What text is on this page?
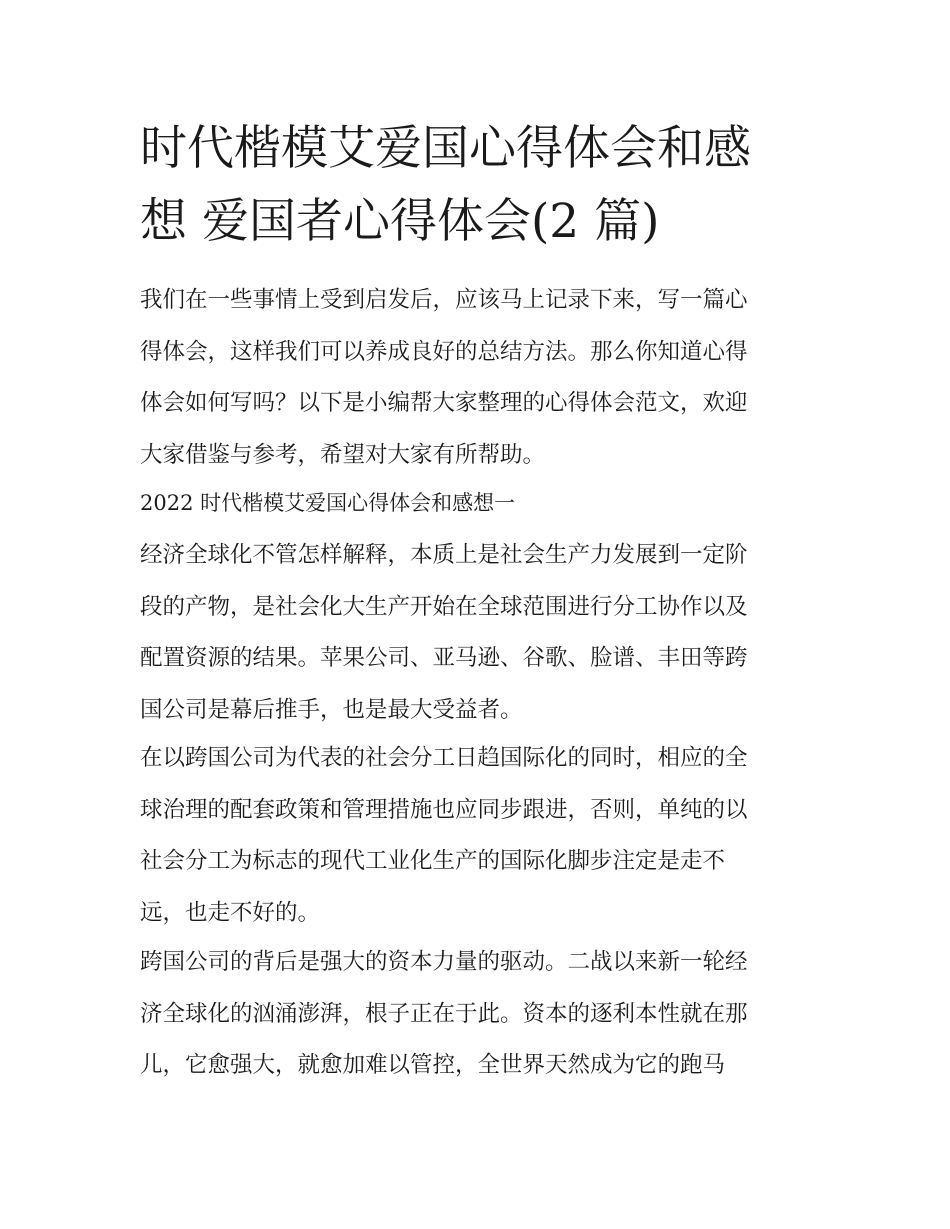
时代楷模艾爱国心得体会和感
想 爱国者心得体会(2 篇)
我们在一些事情上受到启发后，应该马上记录下来，写一篇心
得体会，这样我们可以养成良好的总结方法。那么你知道心得
体会如何写吗？以下是小编帮大家整理的心得体会范文，欢迎
大家借鉴与参考，希望对大家有所帮助。
2022 时代楷模艾爱国心得体会和感想一
经济全球化不管怎样解释，本质上是社会生产力发展到一定阶
段的产物，是社会化大生产开始在全球范围进行分工协作以及
配置资源的结果。苹果公司、亚马逊、谷歌、脸谱、丰田等跨
国公司是幕后推手，也是最大受益者。
在以跨国公司为代表的社会分工日趋国际化的同时，相应的全
球治理的配套政策和管理措施也应同步跟进，否则，单纯的以
社会分工为标志的现代工业化生产的国际化脚步注定是走不
远，也走不好的。
跨国公司的背后是强大的资本力量的驱动。二战以来新一轮经
济全球化的汹涌澎湃，根子正在于此。资本的逐利本性就在那
儿，它愈强大，就愈加难以管控，全世界天然成为它的跑马
